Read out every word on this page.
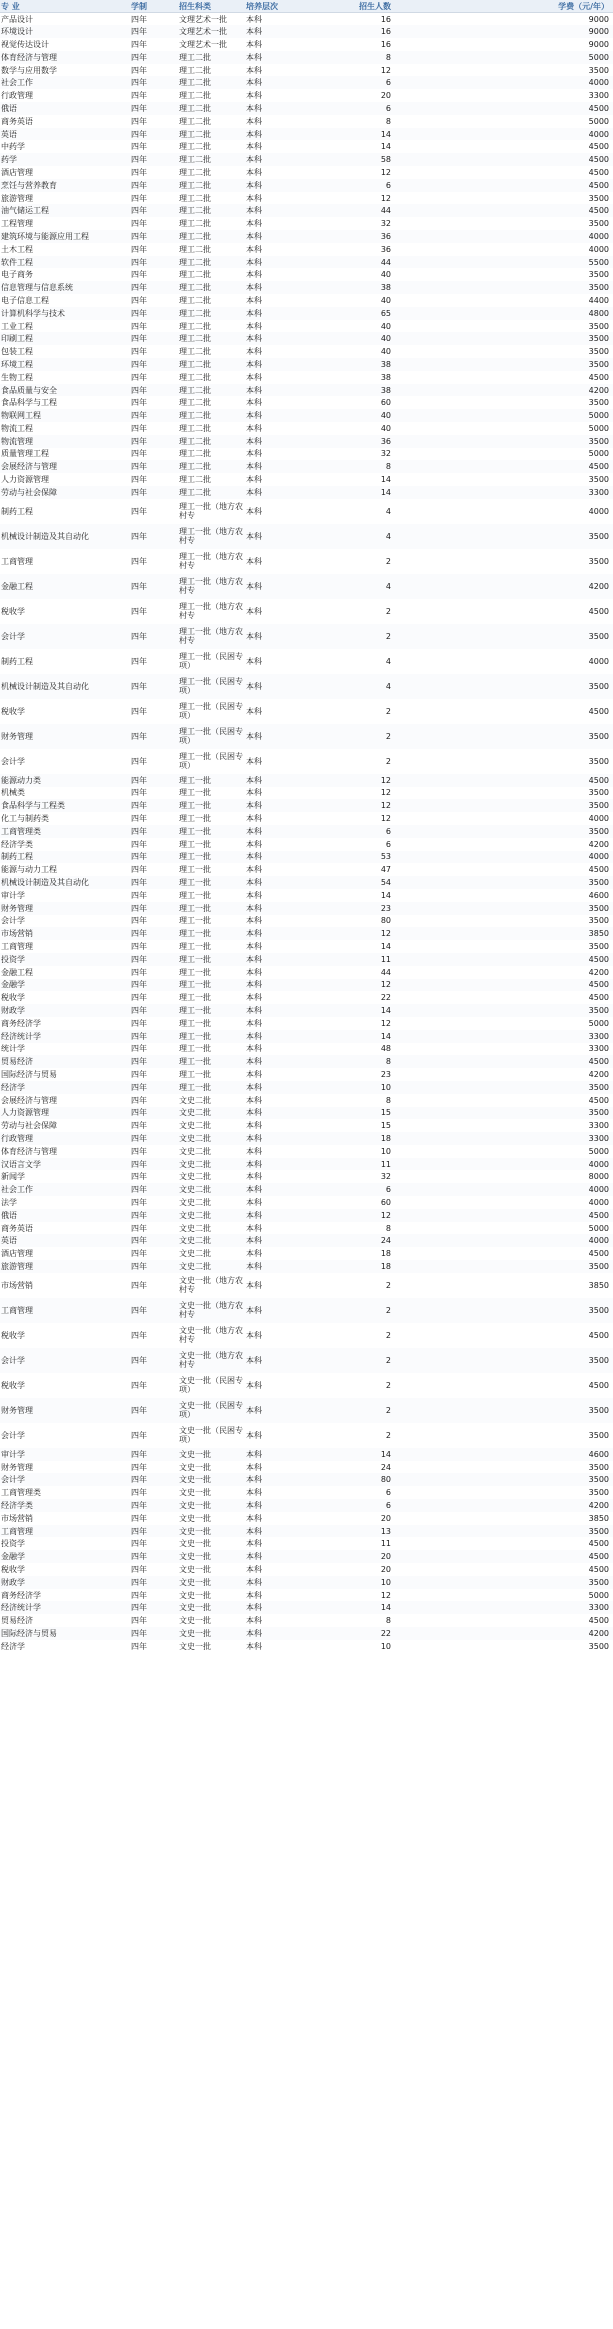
专 业	学制	招生科类	培养层次	招生人数	学费（元/年）
产品设计	四年	文理艺术一批	本科	16	9000
环境设计	四年	文理艺术一批	本科	16	9000
视觉传达设计	四年	文理艺术一批	本科	16	9000
体育经济与管理	四年	理工二批	本科	8	5000
数学与应用数学	四年	理工二批	本科	12	3500
社会工作	四年	理工二批	本科	6	4000
行政管理	四年	理工二批	本科	20	3300
俄语	四年	理工二批	本科	6	4500
商务英语	四年	理工二批	本科	8	5000
英语	四年	理工二批	本科	14	4000
中药学	四年	理工二批	本科	14	4500
药学	四年	理工二批	本科	58	4500
酒店管理	四年	理工二批	本科	12	4500
烹饪与营养教育	四年	理工二批	本科	6	4500
旅游管理	四年	理工二批	本科	12	3500
油气储运工程	四年	理工二批	本科	44	4500
工程管理	四年	理工二批	本科	32	3500
建筑环境与能源应用工程	四年	理工二批	本科	36	4000
土木工程	四年	理工二批	本科	36	4000
软件工程	四年	理工二批	本科	44	5500
电子商务	四年	理工二批	本科	40	3500
信息管理与信息系统	四年	理工二批	本科	38	3500
电子信息工程	四年	理工二批	本科	40	4400
计算机科学与技术	四年	理工二批	本科	65	4800
工业工程	四年	理工二批	本科	40	3500
印刷工程	四年	理工二批	本科	40	3500
包装工程	四年	理工二批	本科	40	3500
环境工程	四年	理工二批	本科	38	3500
生物工程	四年	理工二批	本科	38	4500
食品质量与安全	四年	理工二批	本科	38	4200
食品科学与工程	四年	理工二批	本科	60	3500
物联网工程	四年	理工二批	本科	40	5000
物流工程	四年	理工二批	本科	40	5000
物流管理	四年	理工二批	本科	36	3500
质量管理工程	四年	理工二批	本科	32	5000
会展经济与管理	四年	理工二批	本科	8	4500
人力资源管理	四年	理工二批	本科	14	3500
劳动与社会保障	四年	理工二批	本科	14	3300
制药工程	四年	理工一批（地方农村专	本科	4	4000
机械设计制造及其自动化	四年	理工一批（地方农村专	本科	4	3500
工商管理	四年	理工一批（地方农村专	本科	2	3500
金融工程	四年	理工一批（地方农村专	本科	4	4200
税收学	四年	理工一批（地方农村专	本科	2	4500
会计学	四年	理工一批（地方农村专	本科	2	3500
制药工程	四年	理工一批（民困专项）	本科	4	4000
机械设计制造及其自动化	四年	理工一批（民困专项）	本科	4	3500
税收学	四年	理工一批（民困专项）	本科	2	4500
财务管理	四年	理工一批（民困专项）	本科	2	3500
会计学	四年	理工一批（民困专项）	本科	2	3500
能源动力类	四年	理工一批	本科	12	4500
机械类	四年	理工一批	本科	12	3500
食品科学与工程类	四年	理工一批	本科	12	3500
化工与制药类	四年	理工一批	本科	12	4000
工商管理类	四年	理工一批	本科	6	3500
经济学类	四年	理工一批	本科	6	4200
制药工程	四年	理工一批	本科	53	4000
能源与动力工程	四年	理工一批	本科	47	4500
机械设计制造及其自动化	四年	理工一批	本科	54	3500
审计学	四年	理工一批	本科	14	4600
财务管理	四年	理工一批	本科	23	3500
会计学	四年	理工一批	本科	80	3500
市场营销	四年	理工一批	本科	12	3850
工商管理	四年	理工一批	本科	14	3500
投资学	四年	理工一批	本科	11	4500
金融工程	四年	理工一批	本科	44	4200
金融学	四年	理工一批	本科	12	4500
税收学	四年	理工一批	本科	22	4500
财政学	四年	理工一批	本科	14	3500
商务经济学	四年	理工一批	本科	12	5000
经济统计学	四年	理工一批	本科	14	3300
统计学	四年	理工一批	本科	48	3300
贸易经济	四年	理工一批	本科	8	4500
国际经济与贸易	四年	理工一批	本科	23	4200
经济学	四年	理工一批	本科	10	3500
会展经济与管理	四年	文史二批	本科	8	4500
人力资源管理	四年	文史二批	本科	15	3500
劳动与社会保障	四年	文史二批	本科	15	3300
行政管理	四年	文史二批	本科	18	3300
体育经济与管理	四年	文史二批	本科	10	5000
汉语言文学	四年	文史二批	本科	11	4000
新闻学	四年	文史二批	本科	32	8000
社会工作	四年	文史二批	本科	6	4000
法学	四年	文史二批	本科	60	4000
俄语	四年	文史二批	本科	12	4500
商务英语	四年	文史二批	本科	8	5000
英语	四年	文史二批	本科	24	4000
酒店管理	四年	文史二批	本科	18	4500
旅游管理	四年	文史二批	本科	18	3500
市场营销	四年	文史一批（地方农村专	本科	2	3850
工商管理	四年	文史一批（地方农村专	本科	2	3500
税收学	四年	文史一批（地方农村专	本科	2	4500
会计学	四年	文史一批（地方农村专	本科	2	3500
税收学	四年	文史一批（民困专项）	本科	2	4500
财务管理	四年	文史一批（民困专项）	本科	2	3500
会计学	四年	文史一批（民困专项）	本科	2	3500
审计学	四年	文史一批	本科	14	4600
财务管理	四年	文史一批	本科	24	3500
会计学	四年	文史一批	本科	80	3500
工商管理类	四年	文史一批	本科	6	3500
经济学类	四年	文史一批	本科	6	4200
市场营销	四年	文史一批	本科	20	3850
工商管理	四年	文史一批	本科	13	3500
投资学	四年	文史一批	本科	11	4500
金融学	四年	文史一批	本科	20	4500
税收学	四年	文史一批	本科	20	4500
财政学	四年	文史一批	本科	10	3500
商务经济学	四年	文史一批	本科	12	5000
经济统计学	四年	文史一批	本科	14	3300
贸易经济	四年	文史一批	本科	8	4500
国际经济与贸易	四年	文史一批	本科	22	4200
经济学	四年	文史一批	本科	10	3500
